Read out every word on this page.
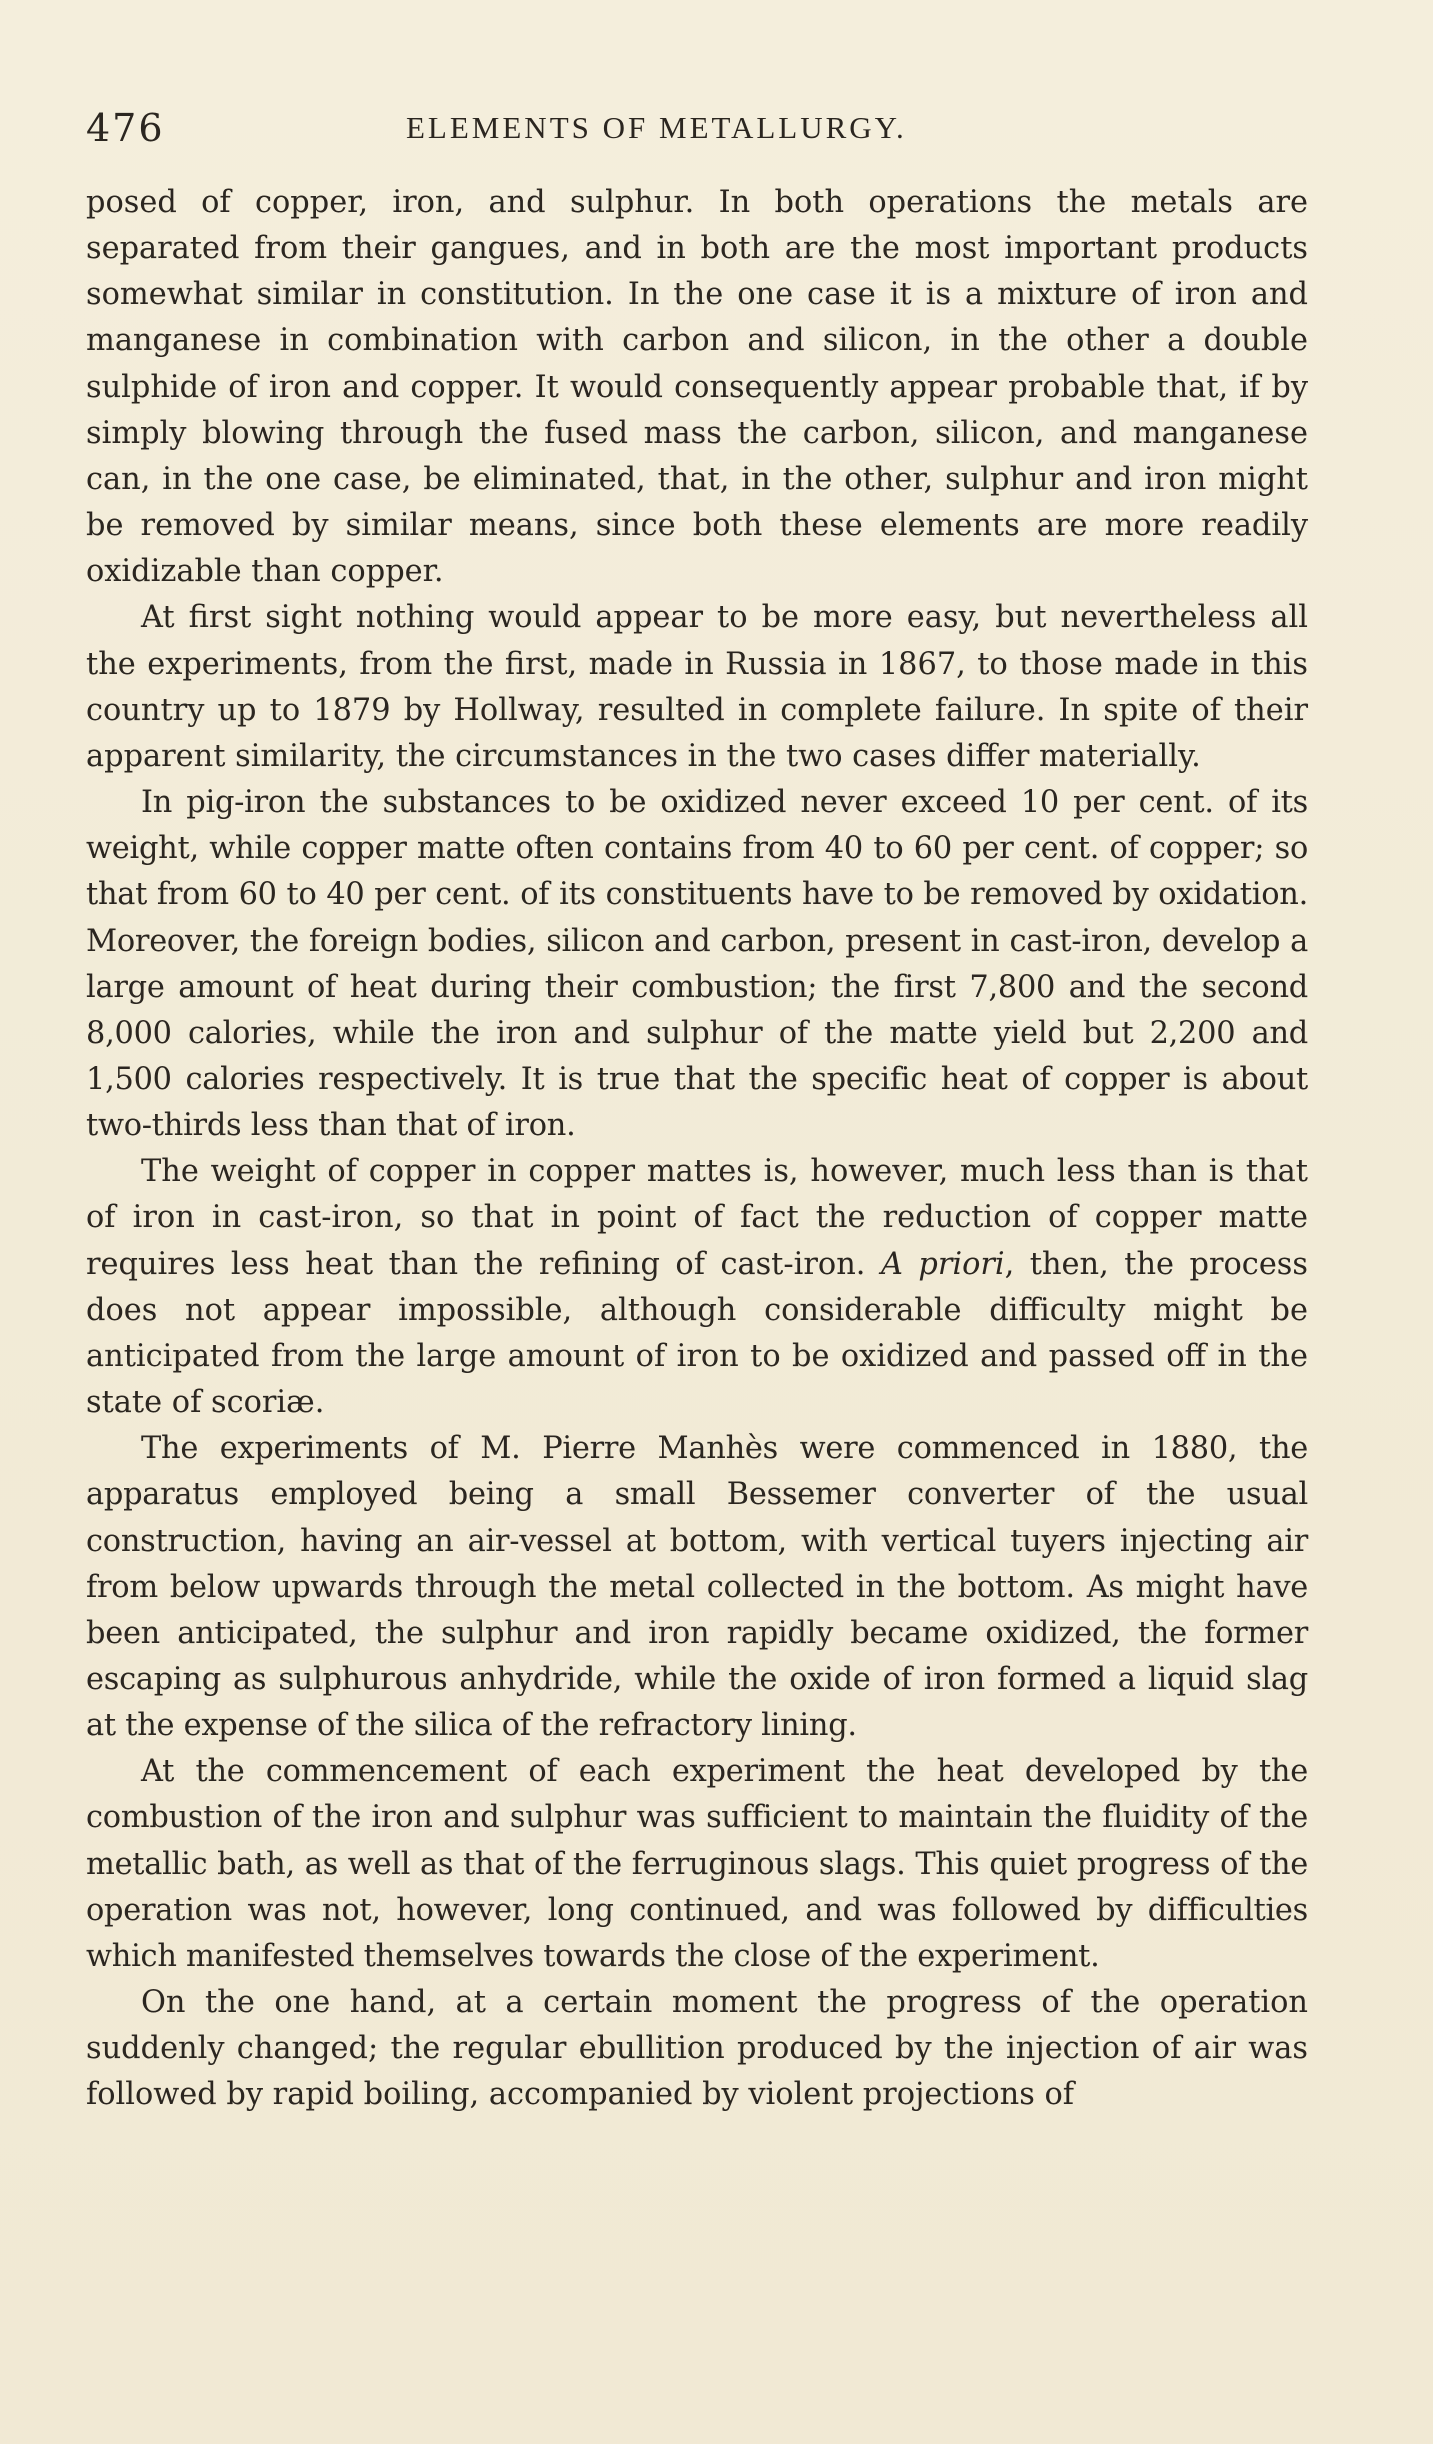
476	ELEMENTS OF METALLURGY.

posed of copper, iron, and sulphur. In both operations the metals are separated from their gangues, and in both are the most important products somewhat similar in constitution. In the one case it is a mixture of iron and manganese in combination with carbon and silicon, in the other a double sulphide of iron and copper. It would consequently appear probable that, if by simply blowing through the fused mass the carbon, silicon, and manganese can, in the one case, be eliminated, that, in the other, sulphur and iron might be removed by similar means, since both these elements are more readily oxidizable than copper.

At first sight nothing would appear to be more easy, but nevertheless all the experiments, from the first, made in Russia in 1867, to those made in this country up to 1879 by Hollway, resulted in complete failure. In spite of their apparent similarity, the circumstances in the two cases differ materially.

In pig-iron the substances to be oxidized never exceed 10 per cent. of its weight, while copper matte often contains from 40 to 60 per cent. of copper; so that from 60 to 40 per cent. of its constituents have to be removed by oxidation. Moreover, the foreign bodies, silicon and carbon, present in cast-iron, develop a large amount of heat during their combustion; the first 7,800 and the second 8,000 calories, while the iron and sulphur of the matte yield but 2,200 and 1,500 calories respectively. It is true that the specific heat of copper is about two-thirds less than that of iron.

The weight of copper in copper mattes is, however, much less than is that of iron in cast-iron, so that in point of fact the reduction of copper matte requires less heat than the refining of cast-iron. A priori, then, the process does not appear impossible, although considerable difficulty might be anticipated from the large amount of iron to be oxidized and passed off in the state of scoriæ.

The experiments of M. Pierre Manhès were commenced in 1880, the apparatus employed being a small Bessemer converter of the usual construction, having an air-vessel at bottom, with vertical tuyers injecting air from below upwards through the metal collected in the bottom. As might have been anticipated, the sulphur and iron rapidly became oxidized, the former escaping as sulphurous anhydride, while the oxide of iron formed a liquid slag at the expense of the silica of the refractory lining.

At the commencement of each experiment the heat developed by the combustion of the iron and sulphur was sufficient to maintain the fluidity of the metallic bath, as well as that of the ferruginous slags. This quiet progress of the operation was not, however, long continued, and was followed by difficulties which manifested themselves towards the close of the experiment.

On the one hand, at a certain moment the progress of the operation suddenly changed; the regular ebullition produced by the injection of air was followed by rapid boiling, accompanied by violent projections of
